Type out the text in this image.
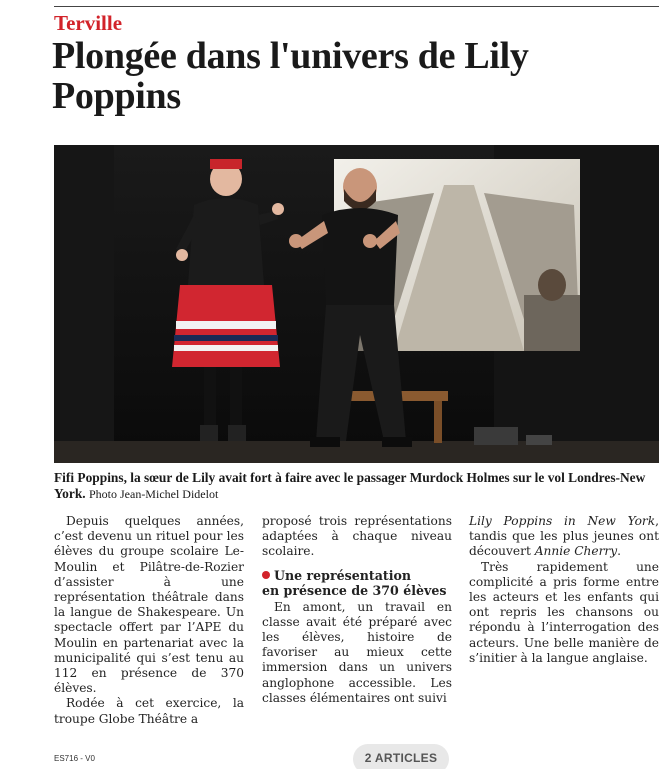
Terville
Plongée dans l'univers de Lily Poppins
Fifi Poppins, la sœur de Lily avait fort à faire avec le passager Murdock Holmes sur le vol Londres-New York. Photo Jean-Michel Didelot

Depuis quelques années, c’est devenu un rituel pour les élèves du groupe scolaire Le-Moulin et Pilâtre-de-Rozier d’assister à une représentation théâtrale dans la langue de Shakespeare. Un spectacle offert par l’APE du Moulin en partenariat avec la municipalité qui s’est tenu au 112 en présence de 370 élèves.

Rodée à cet exercice, la troupe Globe Théâtre a

proposé trois représentations adaptées à chaque niveau scolaire.

Une représentation
en présence de 370 élèves

En amont, un travail en classe avait été préparé avec les élèves, histoire de favoriser au mieux cette immersion dans un univers anglophone accessible. Les classes élémentaires ont suivi

Lily Poppins in New York, tandis que les plus jeunes ont découvert Annie Cherry.

Très rapidement une complicité a pris forme entre les acteurs et les enfants qui ont repris les chansons ou répondu à l’interrogation des acteurs. Une belle manière de s’initier à la langue anglaise.

ES716 - V0	2 ARTICLES
